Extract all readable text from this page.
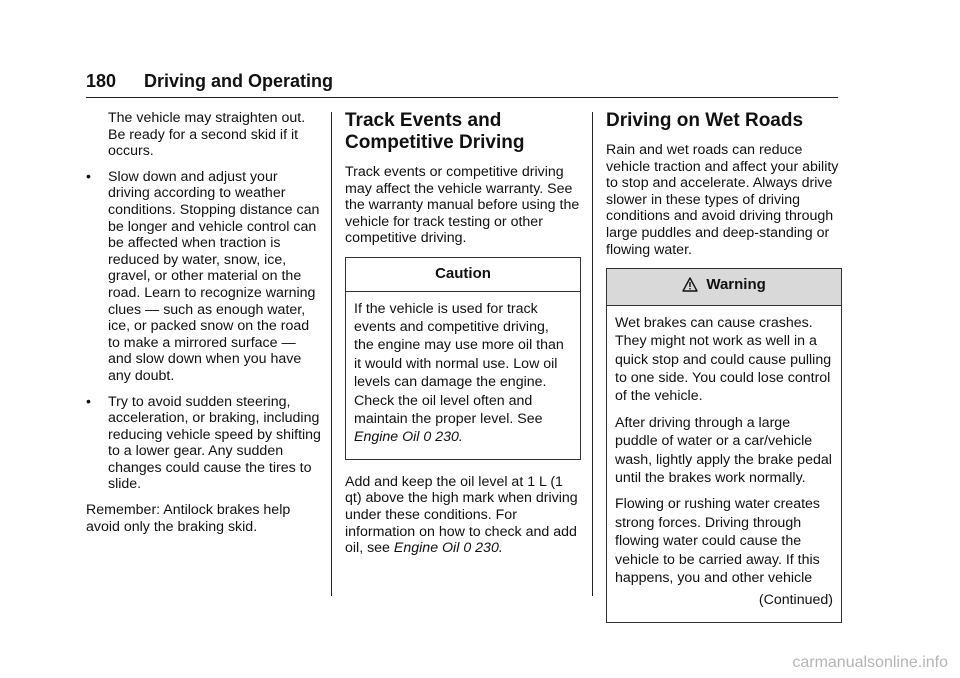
180 Driving and Operating

The vehicle may straighten out. Be ready for a second skid if it occurs.

• Slow down and adjust your driving according to weather conditions. Stopping distance can be longer and vehicle control can be affected when traction is reduced by water, snow, ice, gravel, or other material on the road. Learn to recognize warning clues — such as enough water, ice, or packed snow on the road to make a mirrored surface — and slow down when you have any doubt.

• Try to avoid sudden steering, acceleration, or braking, including reducing vehicle speed by shifting to a lower gear. Any sudden changes could cause the tires to slide.

Remember: Antilock brakes help avoid only the braking skid.

Track Events and Competitive Driving

Track events or competitive driving may affect the vehicle warranty. See the warranty manual before using the vehicle for track testing or other competitive driving.

Caution

If the vehicle is used for track events and competitive driving, the engine may use more oil than it would with normal use. Low oil levels can damage the engine. Check the oil level often and maintain the proper level. See Engine Oil 0 230.

Add and keep the oil level at 1 L (1 qt) above the high mark when driving under these conditions. For information on how to check and add oil, see Engine Oil 0 230.

Driving on Wet Roads

Rain and wet roads can reduce vehicle traction and affect your ability to stop and accelerate. Always drive slower in these types of driving conditions and avoid driving through large puddles and deep-standing or flowing water.

Warning

Wet brakes can cause crashes. They might not work as well in a quick stop and could cause pulling to one side. You could lose control of the vehicle.

After driving through a large puddle of water or a car/vehicle wash, lightly apply the brake pedal until the brakes work normally.

Flowing or rushing water creates strong forces. Driving through flowing water could cause the vehicle to be carried away. If this happens, you and other vehicle

(Continued)

carmanualsonline.info
